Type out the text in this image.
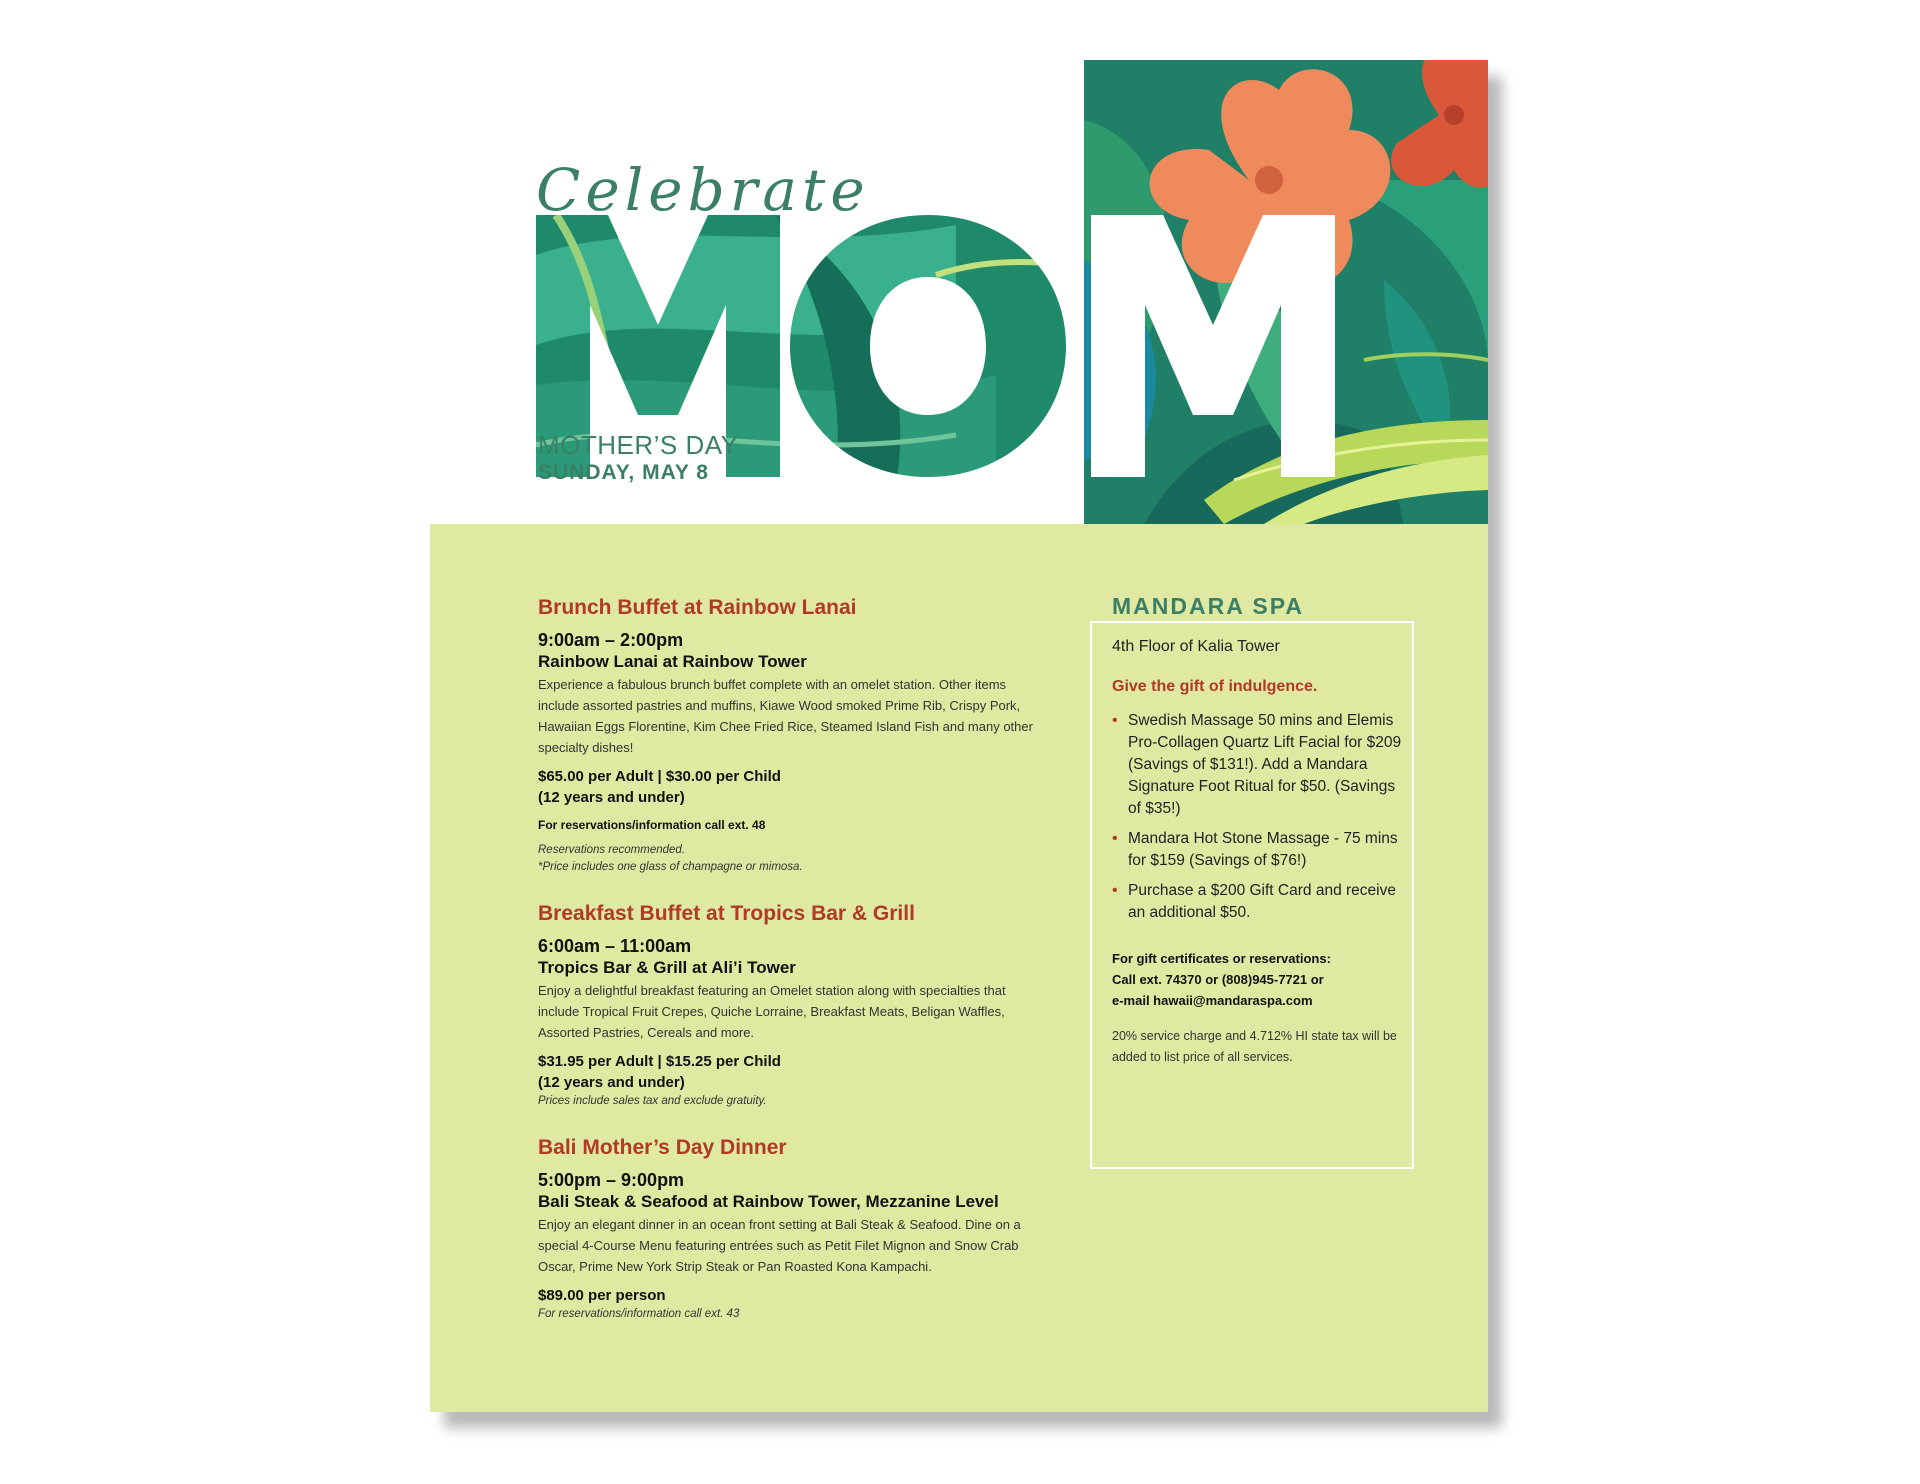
Celebrate
MOTHER’S DAY
SUNDAY, MAY 8
Brunch Buffet at Rainbow Lanai
9:00am – 2:00pm
Rainbow Lanai at Rainbow Tower
Experience a fabulous brunch buffet complete with an omelet station. Other items include assorted pastries and muffins, Kiawe Wood smoked Prime Rib, Crispy Pork, Hawaiian Eggs Florentine, Kim Chee Fried Rice, Steamed Island Fish and many other specialty dishes!
$65.00 per Adult | $30.00 per Child
(12 years and under)
For reservations/information call ext. 48
Reservations recommended.
*Price includes one glass of champagne or mimosa.
Breakfast Buffet at Tropics Bar & Grill
6:00am – 11:00am
Tropics Bar & Grill at Ali’i Tower
Enjoy a delightful breakfast featuring an Omelet station along with specialties that include Tropical Fruit Crepes, Quiche Lorraine, Breakfast Meats, Beligan Waffles, Assorted Pastries, Cereals and more.
$31.95 per Adult | $15.25 per Child
(12 years and under)
Prices include sales tax and exclude gratuity.
Bali Mother’s Day Dinner
5:00pm – 9:00pm
Bali Steak & Seafood at Rainbow Tower, Mezzanine Level
Enjoy an elegant dinner in an ocean front setting at Bali Steak & Seafood. Dine on a special 4-Course Menu featuring entrées such as Petit Filet Mignon and Snow Crab Oscar, Prime New York Strip Steak or Pan Roasted Kona Kampachi.
$89.00 per person
For reservations/information call ext. 43
MANDARA SPA
4th Floor of Kalia Tower
Give the gift of indulgence.
• Swedish Massage 50 mins and Elemis Pro-Collagen Quartz Lift Facial for $209 (Savings of $131!). Add a Mandara Signature Foot Ritual for $50. (Savings of $35!)
• Mandara Hot Stone Massage - 75 mins for $159 (Savings of $76!)
• Purchase a $200 Gift Card and receive an additional $50.
For gift certificates or reservations:
Call ext. 74370 or (808)945-7721 or
e-mail hawaii@mandaraspa.com
20% service charge and 4.712% HI state tax will be added to list price of all services.
